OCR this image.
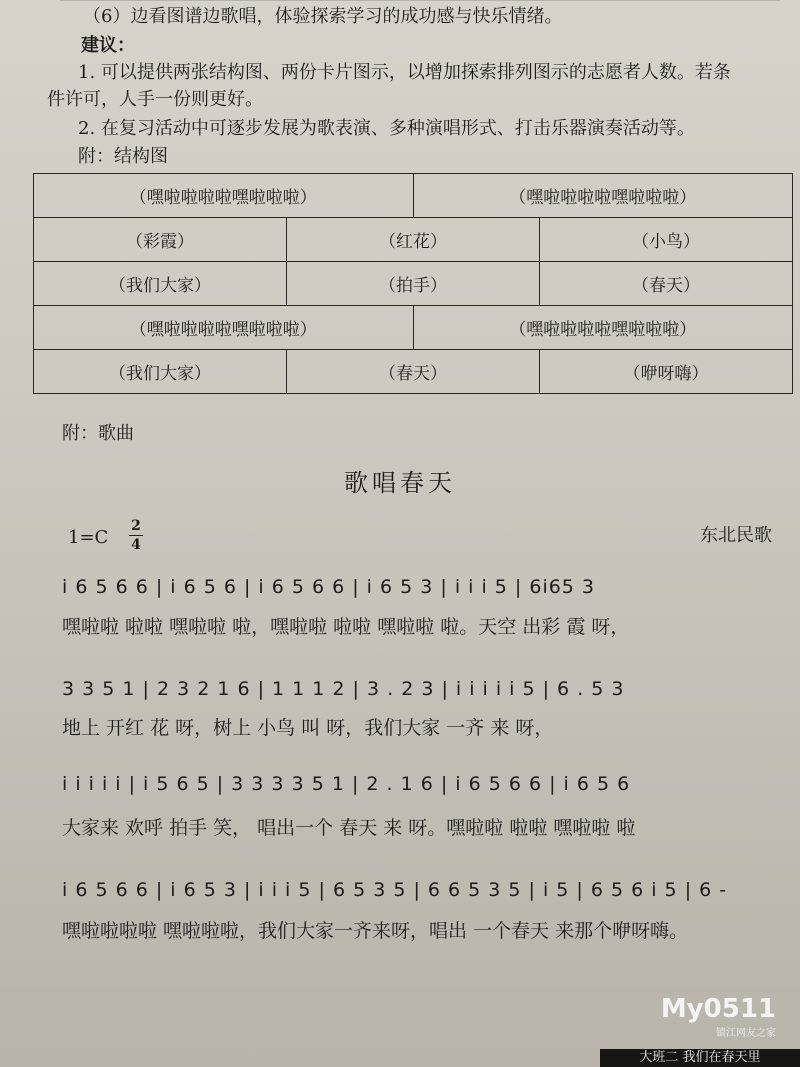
（6）边看图谱边歌唱，体验探索学习的成功感与快乐情绪。
建议：
1. 可以提供两张结构图、两份卡片图示，以增加探索排列图示的志愿者人数。若条
件许可，人手一份则更好。
2. 在复习活动中可逐步发展为歌表演、多种演唱形式、打击乐器演奏活动等。
附：结构图
（嘿啦啦啦啦嘿啦啦啦）		（嘿啦啦啦啦嘿啦啦啦）	
（彩霞）	（红花）		（小鸟）
（我们大家）	（拍手）		（春天）
（嘿啦啦啦啦嘿啦啦啦）		（嘿啦啦啦啦嘿啦啦啦）	
（我们大家）	（春天）		（咿呀嗨）
附：歌曲
歌唱春天
1=C
2
4	东北民歌
i 6 5 6 6 | i 6 5 6 | i 6 5 6 6 | i 6 5 3 | i i i 5 | 6i65 3
嘿啦啦 啦啦 嘿啦啦 啦，嘿啦啦 啦啦 嘿啦啦 啦。天空 出彩 霞 呀，
3 3 5 1 | 2 3 2 1 6 | 1 1 1 2 | 3 . 2 3 | i i i i i 5 | 6 . 5 3
地上 开红 花 呀，树上 小鸟 叫 呀，我们大家 一齐 来 呀，
i i i i i | i 5 6 5 | 3 3 3 3 5 1 | 2 . 1 6 | i 6 5 6 6 | i 6 5 6
大家来 欢呼 拍手 笑， 唱出一个 春天 来 呀。嘿啦啦 啦啦 嘿啦啦 啦
i 6 5 6 6 | i 6 5 3 | i i i 5 | 6 5 3 5 | 6 6 5 3 5 | i 5 | 6 5 6 i 5 | 6 -
嘿啦啦啦啦 嘿啦啦啦，我们大家一齐来呀，唱出 一个春天 来那个咿呀嗨。
My0511
镇江网友之家
大班二 我们在春天里
